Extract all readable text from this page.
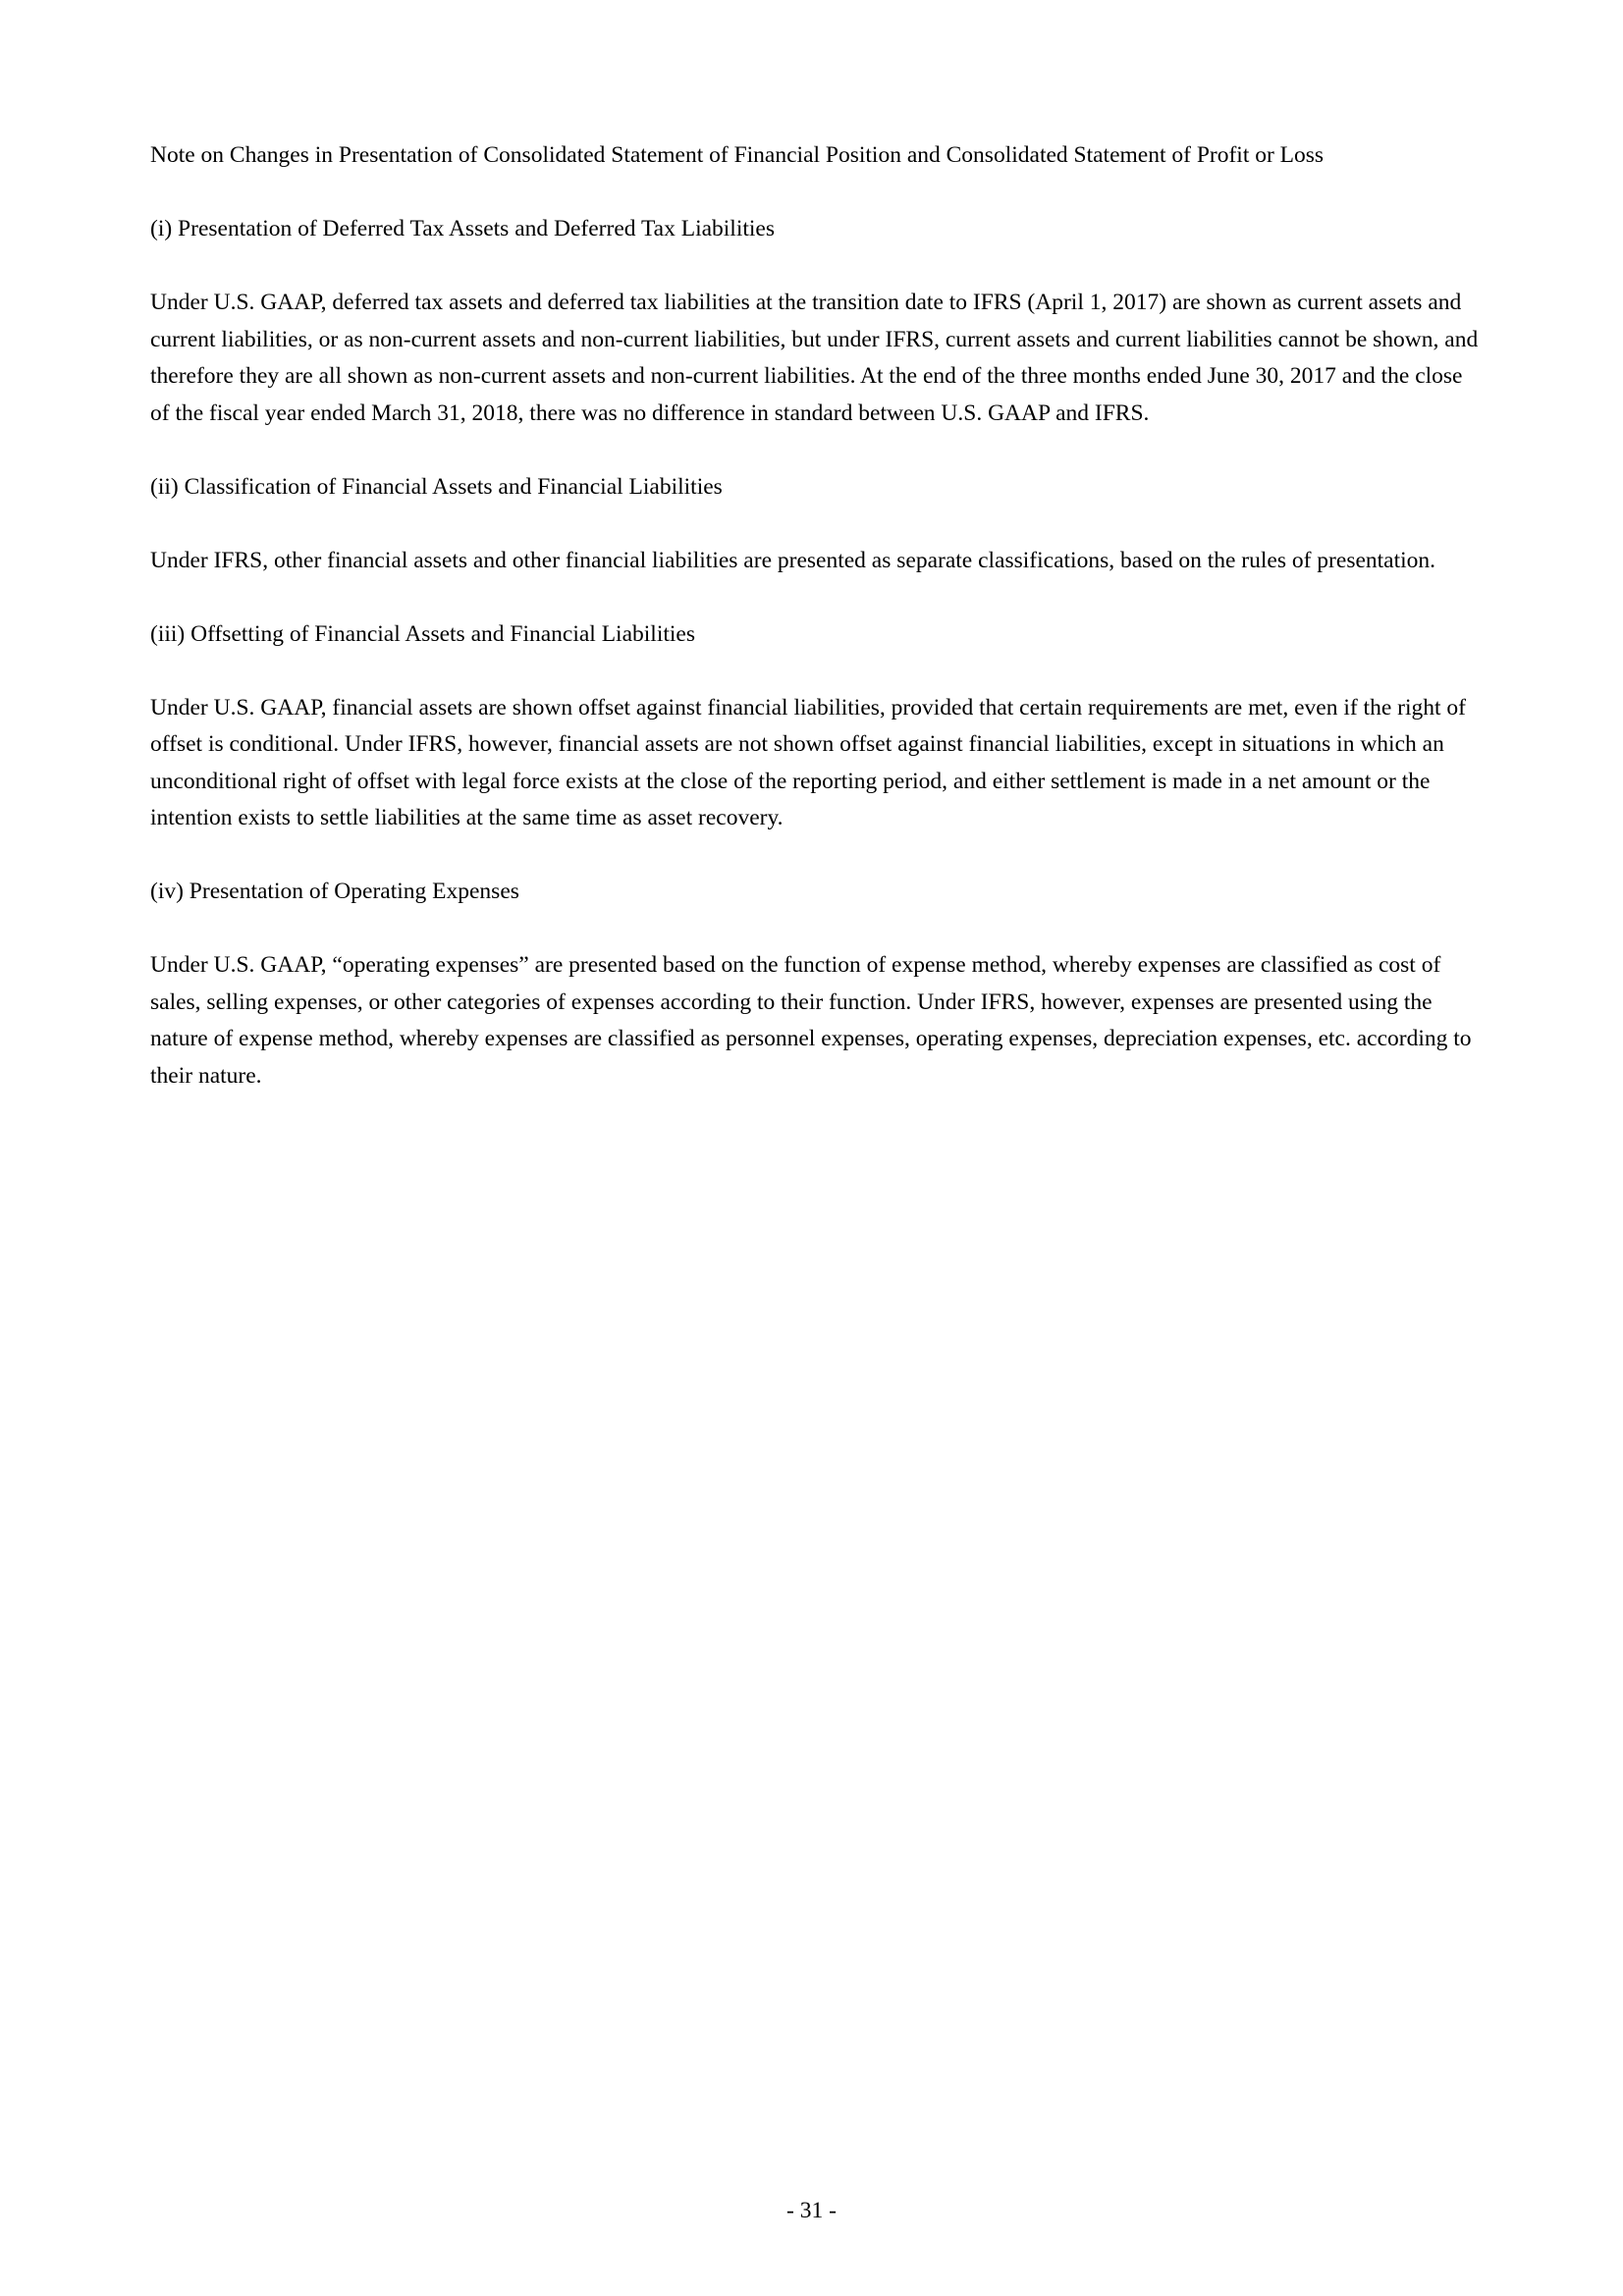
Note on Changes in Presentation of Consolidated Statement of Financial Position and Consolidated Statement of Profit or Loss

(i) Presentation of Deferred Tax Assets and Deferred Tax Liabilities

Under U.S. GAAP, deferred tax assets and deferred tax liabilities at the transition date to IFRS (April 1, 2017) are shown as current assets and current liabilities, or as non-current assets and non-current liabilities, but under IFRS, current assets and current liabilities cannot be shown, and therefore they are all shown as non-current assets and non-current liabilities. At the end of the three months ended June 30, 2017 and the close of the fiscal year ended March 31, 2018, there was no difference in standard between U.S. GAAP and IFRS.

(ii) Classification of Financial Assets and Financial Liabilities

Under IFRS, other financial assets and other financial liabilities are presented as separate classifications, based on the rules of presentation.

(iii) Offsetting of Financial Assets and Financial Liabilities

Under U.S. GAAP, financial assets are shown offset against financial liabilities, provided that certain requirements are met, even if the right of offset is conditional. Under IFRS, however, financial assets are not shown offset against financial liabilities, except in situations in which an unconditional right of offset with legal force exists at the close of the reporting period, and either settlement is made in a net amount or the intention exists to settle liabilities at the same time as asset recovery.

(iv) Presentation of Operating Expenses

Under U.S. GAAP, “operating expenses” are presented based on the function of expense method, whereby expenses are classified as cost of sales, selling expenses, or other categories of expenses according to their function. Under IFRS, however, expenses are presented using the nature of expense method, whereby expenses are classified as personnel expenses, operating expenses, depreciation expenses, etc. according to their nature.

- 31 -
